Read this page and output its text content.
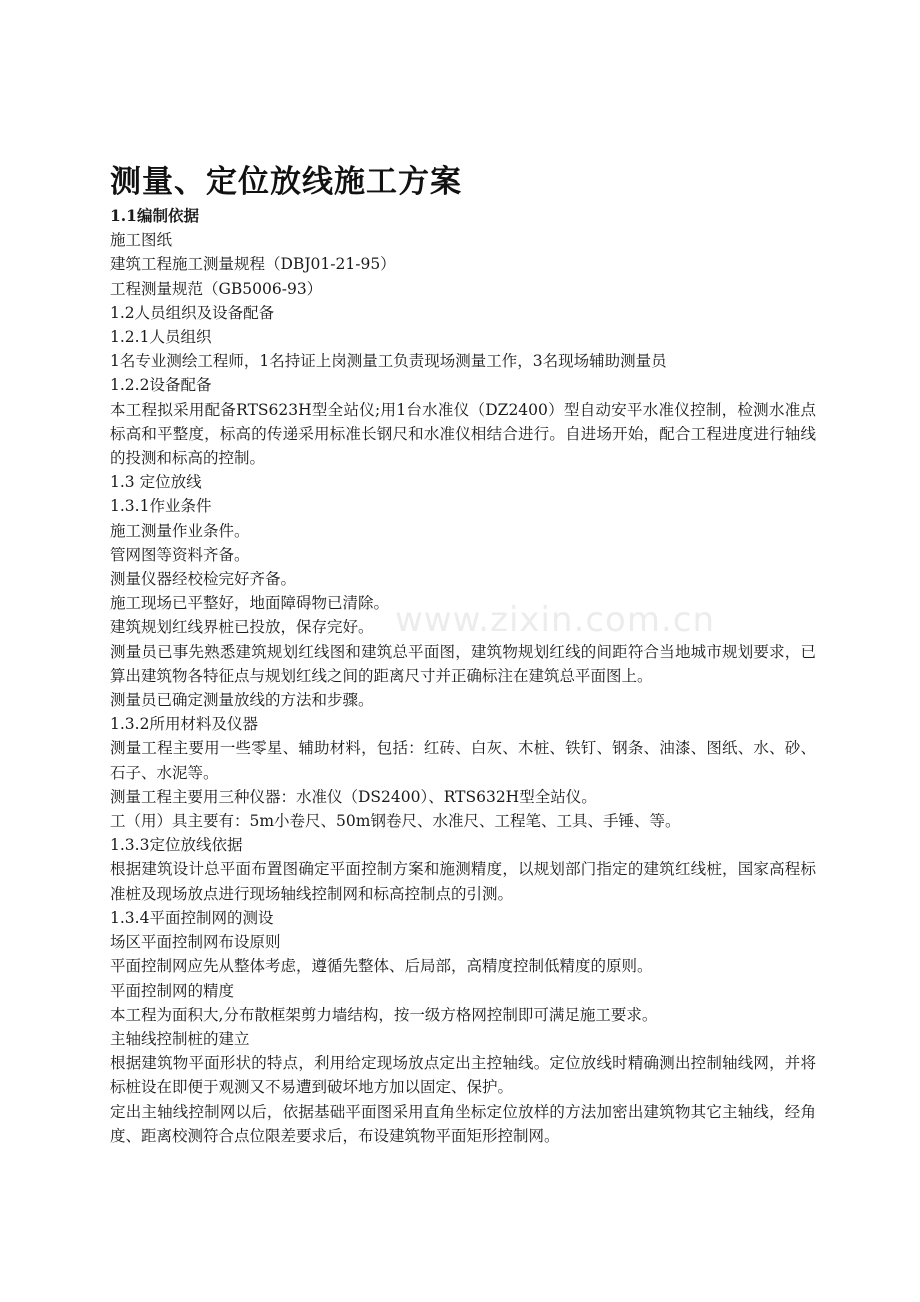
www.zixin.com.cn
测量、定位放线施工方案

1.1编制依据

施工图纸

建筑工程施工测量规程（DBJ01-21-95）

工程测量规范（GB5006-93）

1.2人员组织及设备配备

1.2.1人员组织

1名专业测绘工程师，1名持证上岗测量工负责现场测量工作，3名现场辅助测量员

1.2.2设备配备

本工程拟采用配备RTS623H型全站仪;用1台水准仪（DZ2400）型自动安平水准仪控制，检测水准点标高和平整度，标高的传递采用标准长钢尺和水准仪相结合进行。自进场开始，配合工程进度进行轴线的投测和标高的控制。

1.3 定位放线

1.3.1作业条件

施工测量作业条件。

管网图等资料齐备。

测量仪器经校检完好齐备。

施工现场已平整好，地面障碍物已清除。

建筑规划红线界桩已投放，保存完好。

测量员已事先熟悉建筑规划红线图和建筑总平面图，建筑物规划红线的间距符合当地城市规划要求，已算出建筑物各特征点与规划红线之间的距离尺寸并正确标注在建筑总平面图上。

测量员已确定测量放线的方法和步骤。

1.3.2所用材料及仪器

测量工程主要用一些零星、辅助材料，包括：红砖、白灰、木桩、铁钉、钢条、油漆、图纸、水、砂、石子、水泥等。

测量工程主要用三种仪器：水准仪（DS2400）、RTS632H型全站仪。

工（用）具主要有：5m小卷尺、50m钢卷尺、水准尺、工程笔、工具、手锤、等。

1.3.3定位放线依据

根据建筑设计总平面布置图确定平面控制方案和施测精度，以规划部门指定的建筑红线桩，国家高程标准桩及现场放点进行现场轴线控制网和标高控制点的引测。

1.3.4平面控制网的测设

场区平面控制网布设原则

平面控制网应先从整体考虑，遵循先整体、后局部，高精度控制低精度的原则。

平面控制网的精度

本工程为面积大,分布散框架剪力墙结构，按一级方格网控制即可满足施工要求。

主轴线控制桩的建立

根据建筑物平面形状的特点，利用给定现场放点定出主控轴线。定位放线时精确测出控制轴线网，并将标桩设在即便于观测又不易遭到破坏地方加以固定、保护。

定出主轴线控制网以后，依据基础平面图采用直角坐标定位放样的方法加密出建筑物其它主轴线，经角度、距离校测符合点位限差要求后，布设建筑物平面矩形控制网。
